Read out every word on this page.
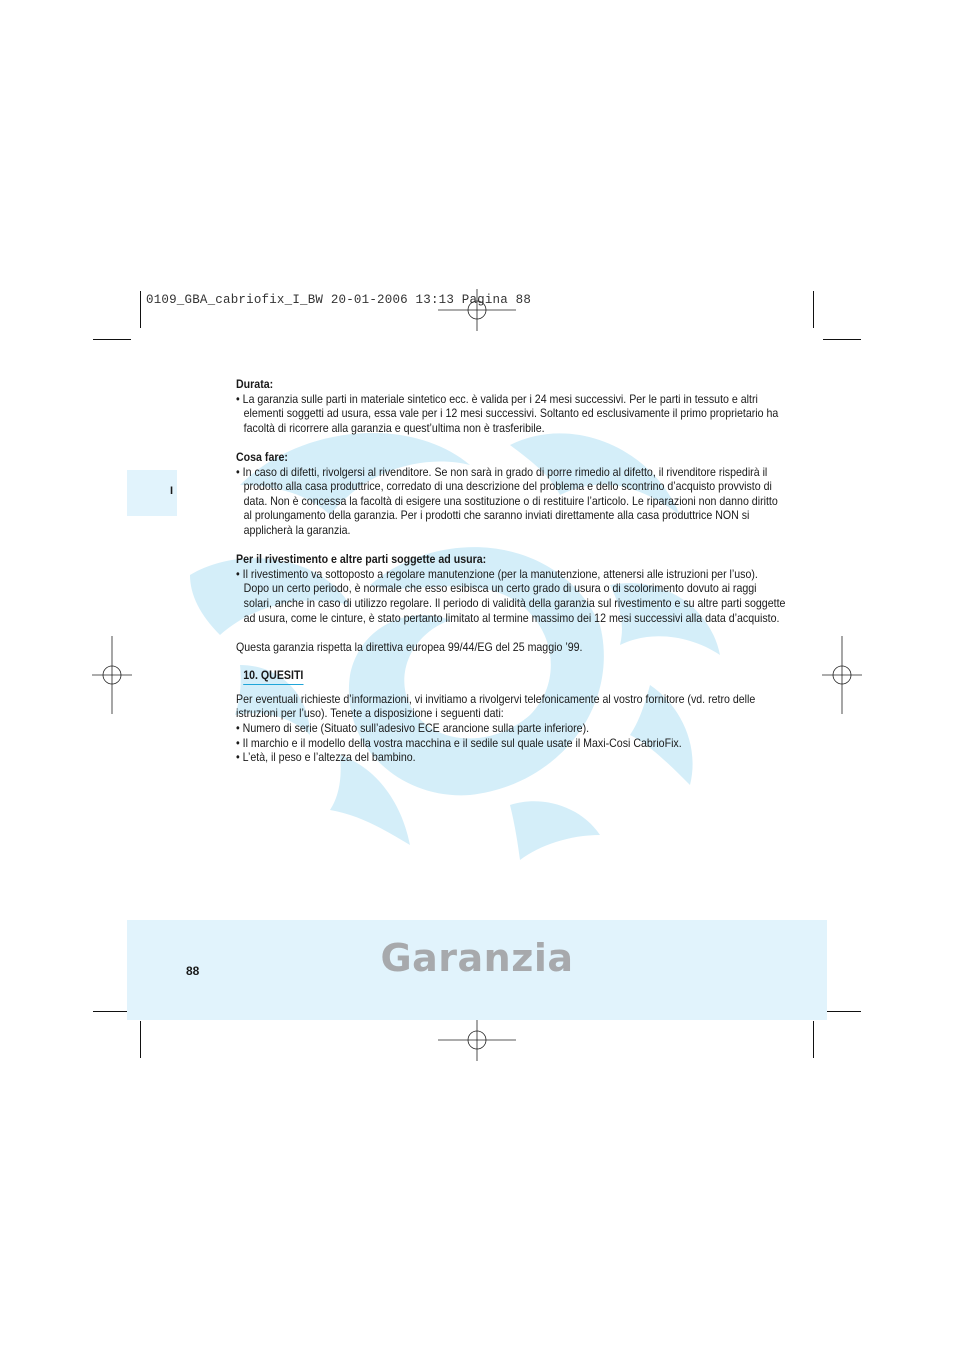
0109_GBA_cabriofix_I_BW 20-01-2006 13:13 Pagina 88
I

Durata:

• La garanzia sulle parti in materiale sintetico ecc. è valida per i 24 mesi successivi. Per le parti in tessuto e altri elementi soggetti ad usura, essa vale per i 12 mesi successivi. Soltanto ed esclusivamente il primo proprietario ha facoltà di ricorrere alla garanzia e quest’ultima non è trasferibile.

Cosa fare:

• In caso di difetti, rivolgersi al rivenditore. Se non sarà in grado di porre rimedio al difetto, il rivenditore rispedirà il prodotto alla casa produttrice, corredato di una descrizione del problema e dello scontrino d’acquisto provvisto di data. Non è concessa la facoltà di esigere una sostituzione o di restituire l’articolo. Le riparazioni non danno diritto al prolungamento della garanzia. Per i prodotti che saranno inviati direttamente alla casa produttrice NON si applicherà la garanzia.

Per il rivestimento e altre parti soggette ad usura:

• Il rivestimento va sottoposto a regolare manutenzione (per la manutenzione, attenersi alle istruzioni per l’uso). Dopo un certo periodo, è normale che esso esibisca un certo grado di usura o di scolorimento dovuto ai raggi solari, anche in caso di utilizzo regolare. Il periodo di validità della garanzia sul rivestimento e su altre parti soggette ad usura, come le cinture, è stato pertanto limitato al termine massimo dei 12 mesi successivi alla data d’acquisto.

Questa garanzia rispetta la direttiva europea 99/44/EG del 25 maggio ’99.

10. QUESITI

Per eventuali richieste d’informazioni, vi invitiamo a rivolgervi telefonicamente al vostro fornitore (vd. retro delle istruzioni per l’uso). Tenete a disposizione i seguenti dati:

• Numero di serie (Situato sull’adesivo ECE arancione sulla parte inferiore).

• Il marchio e il modello della vostra macchina e il sedile sul quale usate il Maxi-Cosi CabrioFix.

• L’età, il peso e l’altezza del bambino.

88	Garanzia
